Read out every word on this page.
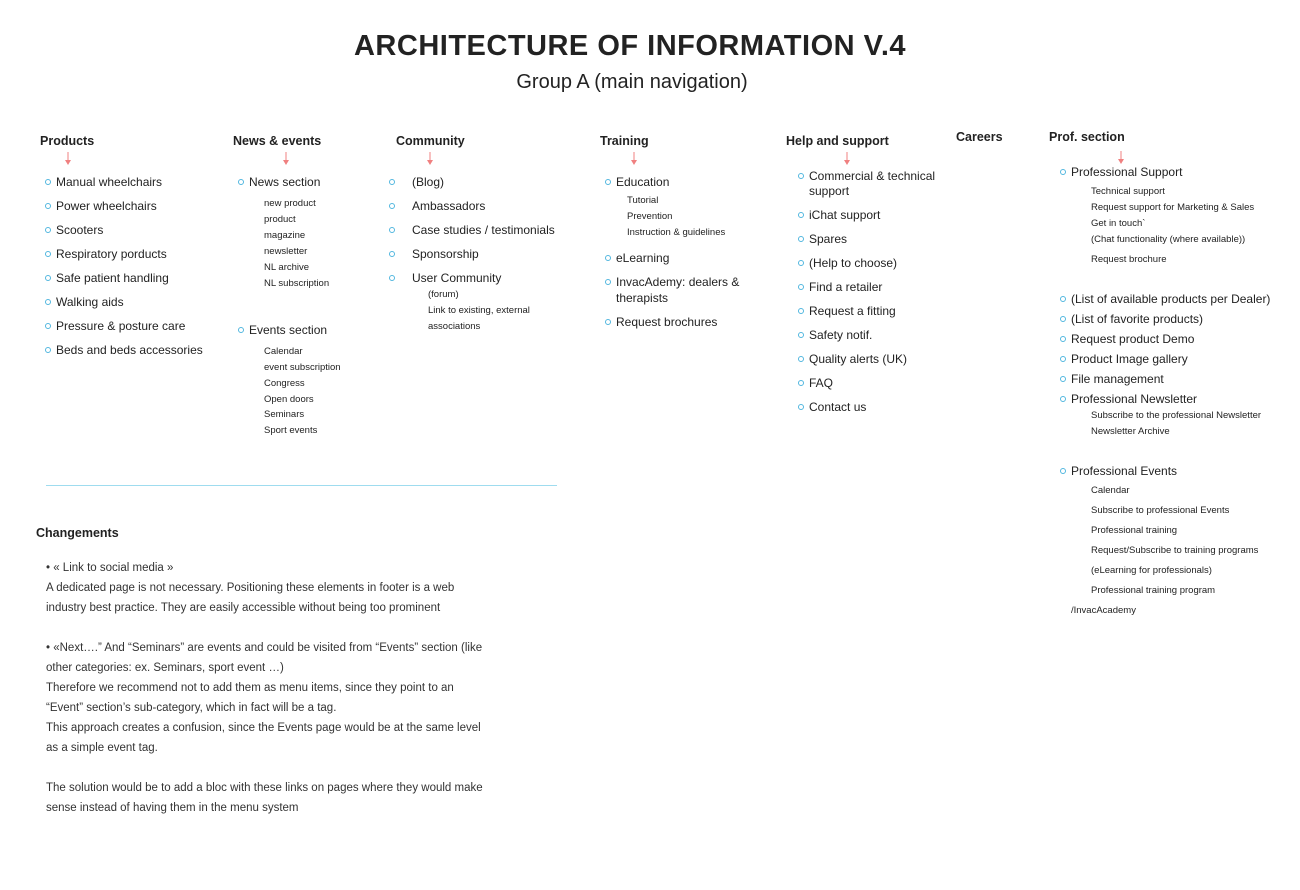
ARCHITECTURE OF INFORMATION V.4
Group A (main navigation)
Products	News & events	Community	Training	Help and support	Careers	Prof. section
Manual wheelchairs
Power wheelchairs
Scooters
Respiratory porducts
Safe patient handling
Walking aids
Pressure & posture care
Beds and beds accessories
News section
new product
product
magazine
newsletter
NL archive
NL subscription
Events section
Calendar
event subscription
Congress
Open doors
Seminars
Sport events
(Blog)
Ambassadors
Case studies / testimonials
Sponsorship
User Community
(forum)
Link to existing, external
associations
Education
Tutorial
Prevention
Instruction & guidelines
eLearning
InvacAdemy: dealers &
therapists
Request brochures
Commercial & technical
support
iChat support
Spares
(Help to choose)
Find a retailer
Request a fitting
Safety notif.
Quality alerts (UK)
FAQ
Contact us
Professional Support
Technical support
Request support for Marketing & Sales
Get in touch`
(Chat functionality (where available))
Request brochure
(List of available products per Dealer)
(List of favorite products)
Request product Demo
Product Image gallery
File management
Professional Newsletter
Subscribe to the professional Newsletter
Newsletter Archive
Professional Events
Calendar
Subscribe to professional Events
Professional training
Request/Subscribe to training programs
(eLearning for professionals)
Professional training program
/InvacAcademy
Changements
• « Link to social media »
A dedicated page is not necessary. Positioning these elements in footer is a web
industry best practice. They are easily accessible without being too prominent
• «Next….” And “Seminars” are events and could be visited from “Events” section (like
other categories: ex. Seminars, sport event …)
Therefore we recommend not to add them as menu items, since they point to an
“Event” section’s sub-category, which in fact will be a tag.
This approach creates a confusion, since the Events page would be at the same level
as a simple event tag.
The solution would be to add a bloc with these links on pages where they would make
sense instead of having them in the menu system
